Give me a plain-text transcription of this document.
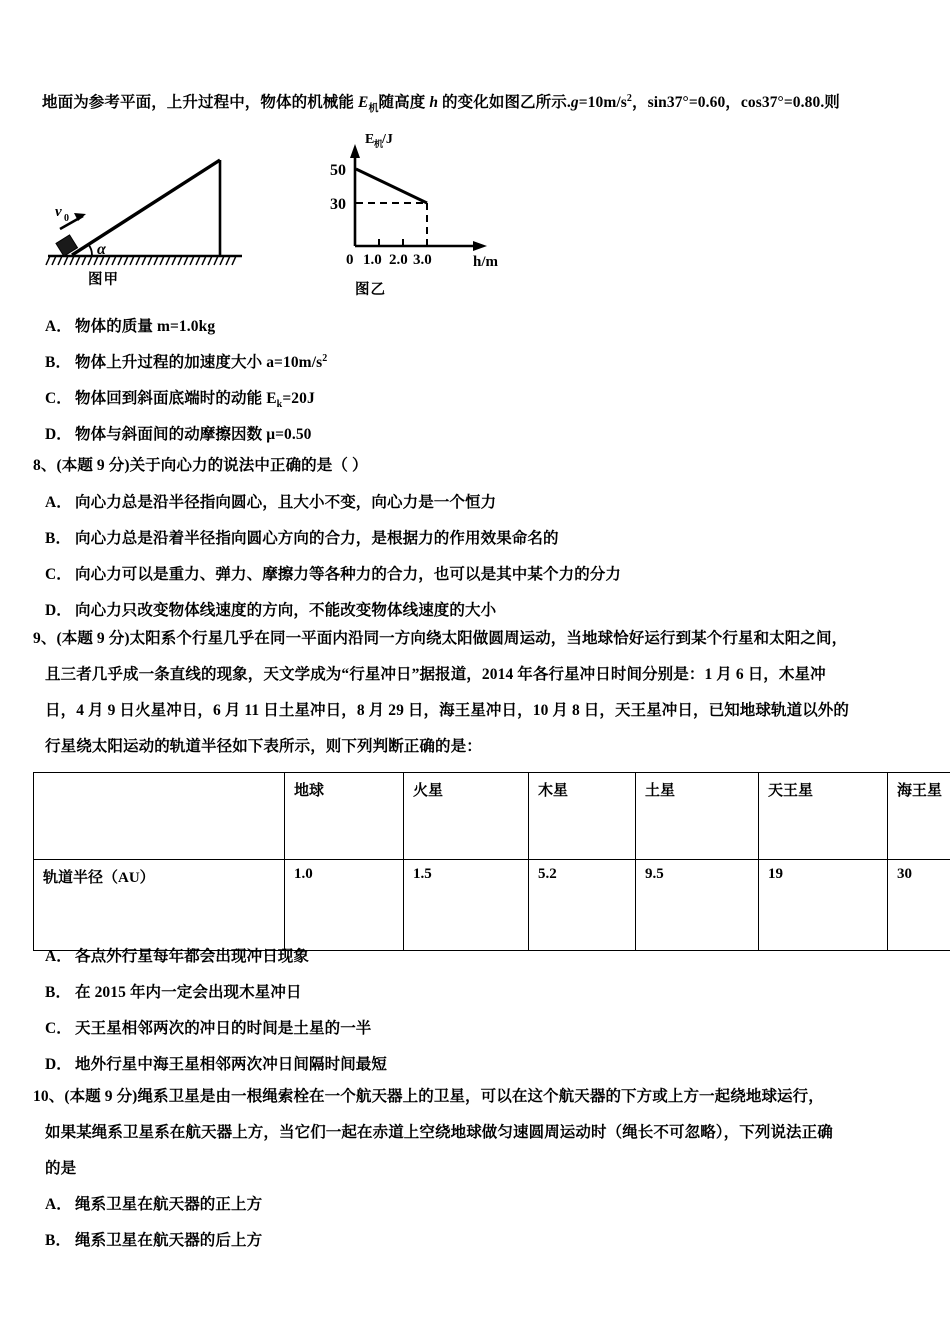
地面为参考平面，上升过程中，物体的机械能 $E_机$随高度 h 的变化如图乙所示$.g=10m/s^2$，sin37°=0.60，cos37°=0.80.则
v 0
α
E 机
/J
50
30
0 1.0 2.0 3.0	h/m
图甲
图乙
A． 物体的质量 m=1.0kg
B． 物体上升过程的加速度大小 $a=10m/s^2$
C． 物体回到斜面底端时的动能 $E_k=20J$
D． 物体与斜面间的动摩擦因数 μ=0.50
8、(本题 9 分)关于向心力的说法中正确的是（ ）
A． 向心力总是沿半径指向圆心，且大小不变，向心力是一个恒力
B． 向心力总是沿着半径指向圆心方向的合力，是根据力的作用效果命名的
C． 向心力可以是重力、弹力、摩擦力等各种力的合力，也可以是其中某个力的分力
D． 向心力只改变物体线速度的方向，不能改变物体线速度的大小
9、(本题 9 分)太阳系个行星几乎在同一平面内沿同一方向绕太阳做圆周运动，当地球恰好运行到某个行星和太阳之间，
且三者几乎成一条直线的现象，天文学成为“行星冲日”据报道，2014 年各行星冲日时间分别是：1 月 6 日，木星冲
日，4 月 9 日火星冲日，6 月 11 日土星冲日，8 月 29 日，海王星冲日，10 月 8 日，天王星冲日，已知地球轨道以外的
行星绕太阳运动的轨道半径如下表所示，则下列判断正确的是：
	地球	火星	木星	土星	天王星	海王星
轨道半径（AU）	1.0	1.5	5.2	9.5	19	30
A． 各点外行星每年都会出现冲日现象
B． 在 2015 年内一定会出现木星冲日
C． 天王星相邻两次的冲日的时间是土星的一半
D． 地外行星中海王星相邻两次冲日间隔时间最短
10、(本题 9 分)绳系卫星是由一根绳索栓在一个航天器上的卫星，可以在这个航天器的下方或上方一起绕地球运行，
如果某绳系卫星系在航天器上方，当它们一起在赤道上空绕地球做匀速圆周运动时（绳长不可忽略），下列说法正确
的是
A． 绳系卫星在航天器的正上方
B． 绳系卫星在航天器的后上方
